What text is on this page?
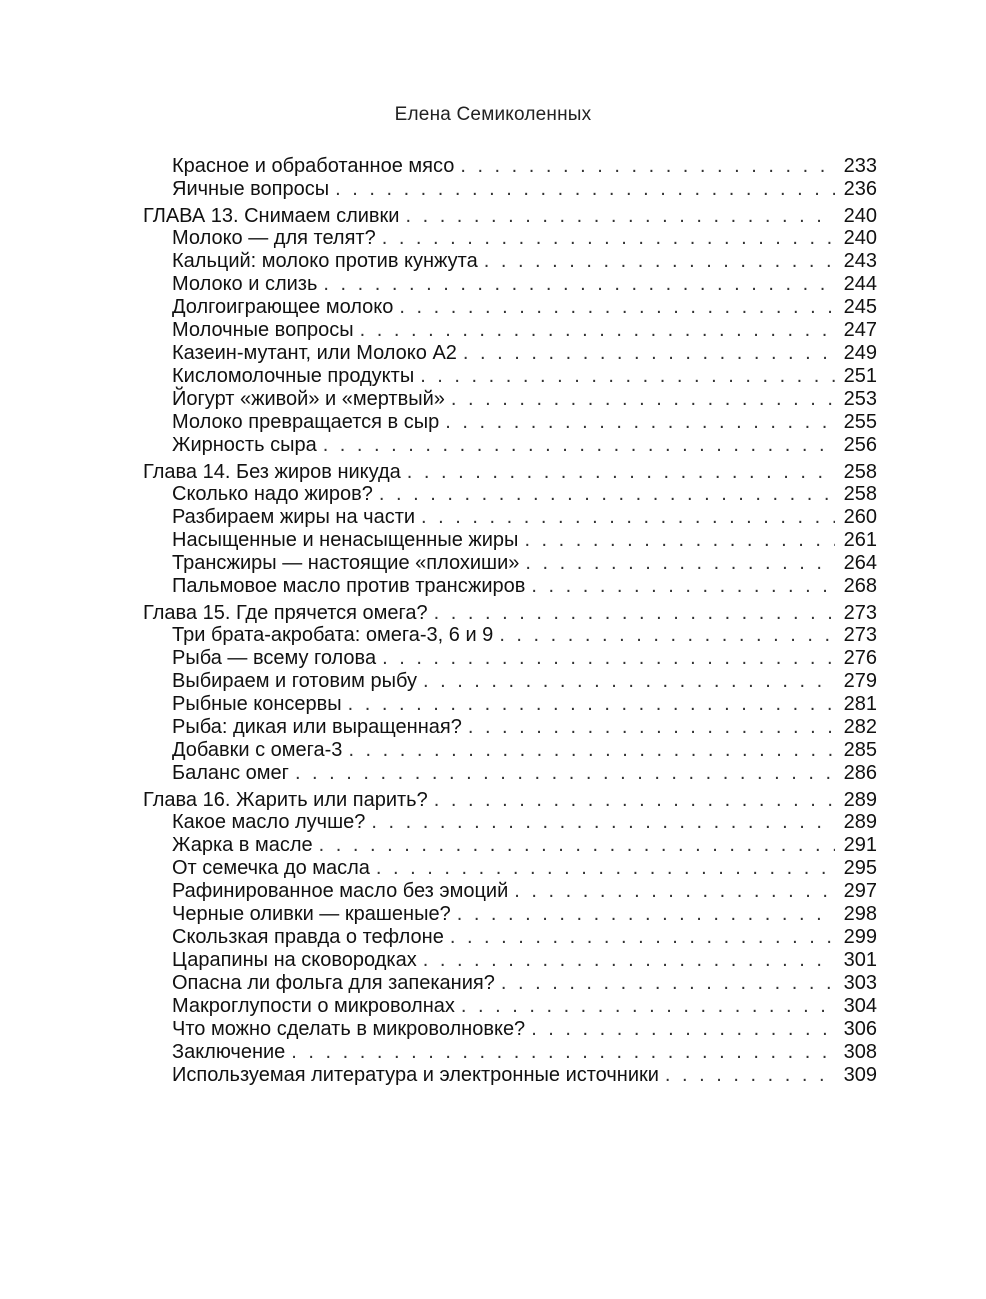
Елена Семиколенных
Красное и обработанное мясо . . .	233
Яичные вопросы . . .	236
ГЛАВА 13. Снимаем сливки . . .	240
Молоко — для телят? . . .	240
Кальций: молоко против кунжута . . .	243
Молоко и слизь . . .	244
Долгоиграющее молоко . . .	245
Молочные вопросы . . .	247
Казеин-мутант, или Молоко А2 . . .	249
Кисломолочные продукты . . .	251
Йогурт «живой» и «мертвый» . . .	253
Молоко превращается в сыр . . .	255
Жирность сыра . . .	256
Глава 14. Без жиров никуда . . .	258
Сколько надо жиров? . . .	258
Разбираем жиры на части . . .	260
Насыщенные и ненасыщенные жиры . . .	261
Трансжиры — настоящие «плохиши» . . .	264
Пальмовое масло против трансжиров . . .	268
Глава 15. Где прячется омега? . . .	273
Три брата-акробата: омега-3, 6 и 9 . . .	273
Рыба — всему голова . . .	276
Выбираем и готовим рыбу . . .	279
Рыбные консервы . . .	281
Рыба: дикая или выращенная? . . .	282
Добавки с омега-3 . . .	285
Баланс омег . . .	286
Глава 16. Жарить или парить? . . .	289
Какое масло лучше? . . .	289
Жарка в масле . . .	291
От семечка до масла . . .	295
Рафинированное масло без эмоций . . .	297
Черные оливки — крашеные? . . .	298
Скользкая правда о тефлоне . . .	299
Царапины на сковородках . . .	301
Опасна ли фольга для запекания? . . .	303
Макроглупости о микроволнах . . .	304
Что можно сделать в микроволновке? . . .	306
Заключение . . .	308
Используемая литература и электронные источники . . .	309
